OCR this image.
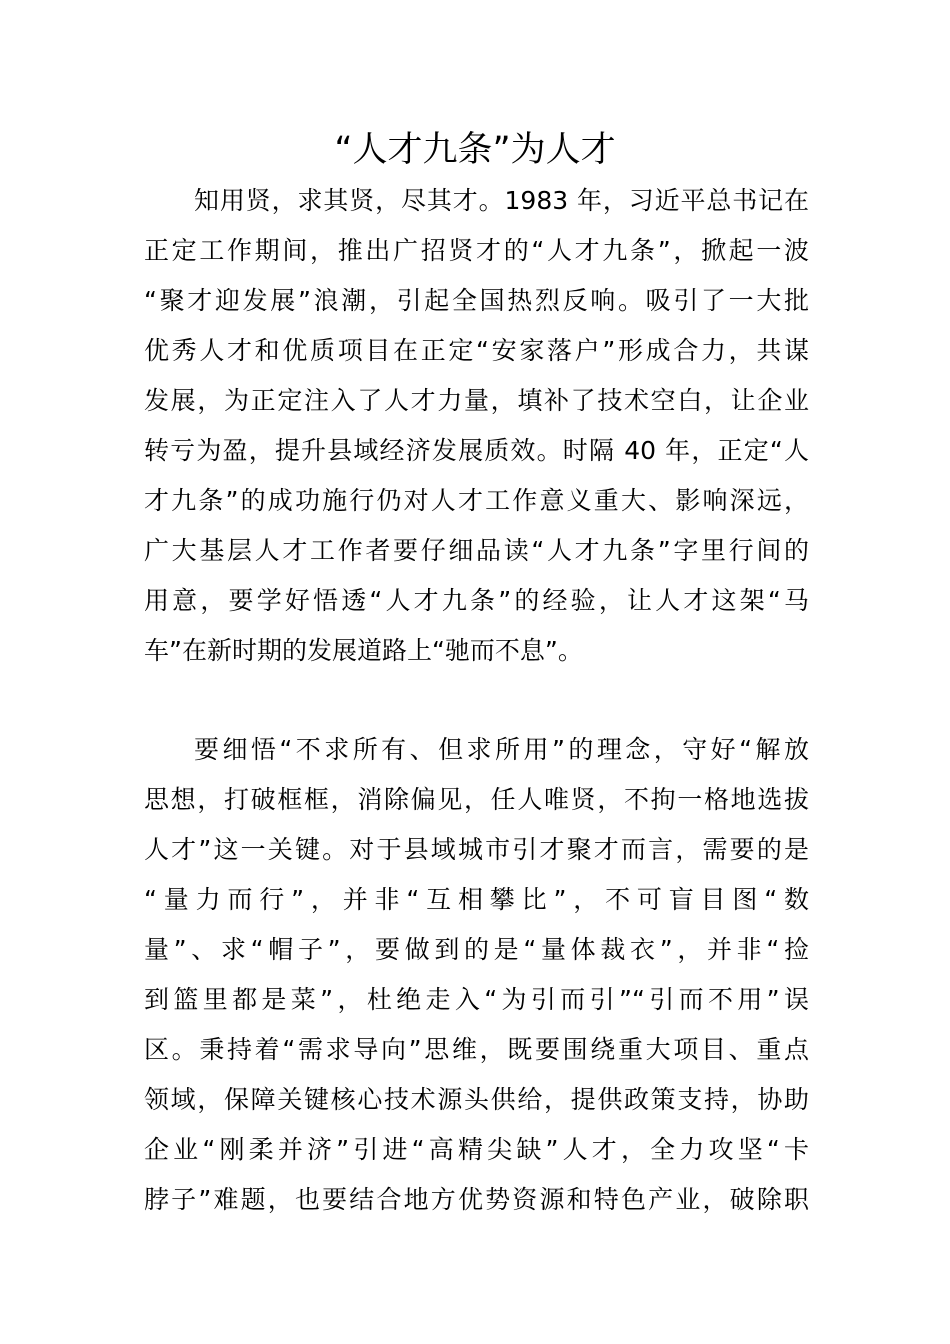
“人才九条”为人才
知用贤，求其贤，尽其才。1983 年，习近平总书记在
正定工作期间，推出广招贤才的“人才九条”，掀起一波
“聚才迎发展”浪潮，引起全国热烈反响。吸引了一大批
优秀人才和优质项目在正定“安家落户”形成合力，共谋
发展，为正定注入了人才力量，填补了技术空白，让企业
转亏为盈，提升县域经济发展质效。时隔 40 年，正定“人
才九条”的成功施行仍对人才工作意义重大、影响深远，
广大基层人才工作者要仔细品读“人才九条”字里行间的
用意，要学好悟透“人才九条”的经验，让人才这架“马
车”在新时期的发展道路上“驰而不息”。
要细悟“不求所有、但求所用”的理念，守好“解放
思想，打破框框，消除偏见，任人唯贤，不拘一格地选拔
人才”这一关键。对于县域城市引才聚才而言，需要的是
“量力而行”，并非“互相攀比”，不可盲目图“数
量”、求“帽子”，要做到的是“量体裁衣”，并非“捡
到篮里都是菜”，杜绝走入“为引而引”“引而不用”误
区。秉持着“需求导向”思维，既要围绕重大项目、重点
领域，保障关键核心技术源头供给，提供政策支持，协助
企业“刚柔并济”引进“高精尖缺”人才，全力攻坚“卡
脖子”难题，也要结合地方优势资源和特色产业，破除职
